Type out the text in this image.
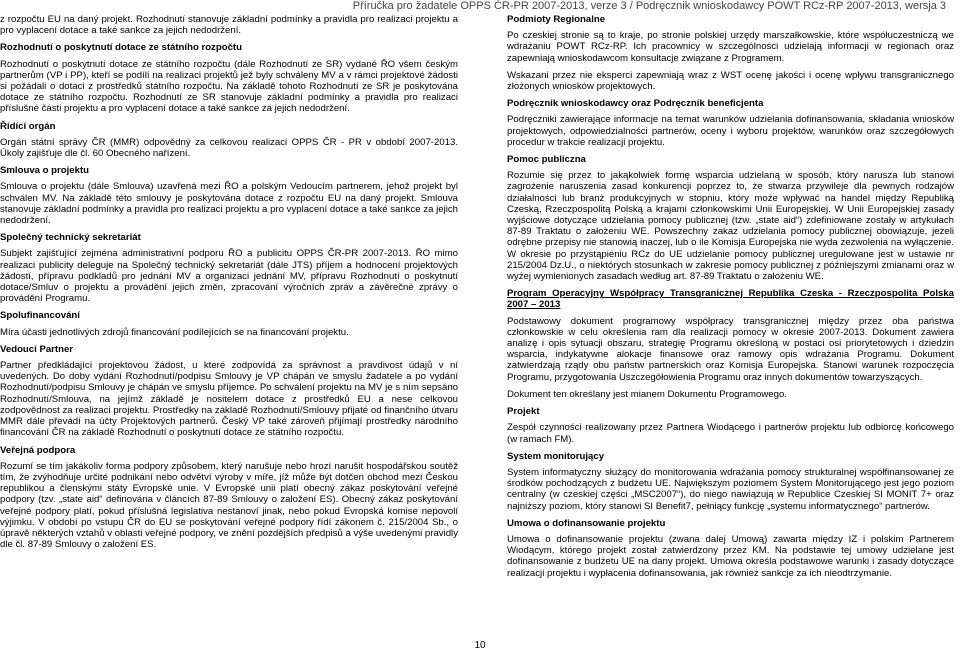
Příručka pro žadatele OPPS ČR-PR 2007-2013, verze 3 / Podręcznik wnioskodawcy POWT RCz-RP 2007-2013, wersja 3

z rozpočtu EU na daný projekt. Rozhodnutí stanovuje základní podmínky a pravidla pro realizaci projektu a pro vyplacení dotace a také sankce za jejich nedodržení.

Rozhodnutí o poskytnutí dotace ze státního rozpočtu

Rozhodnutí o poskytnutí dotace ze státního rozpočtu (dále Rozhodnutí ze SR) vydané ŘO všem českým partnerům (VP i PP), kteří se podílí na realizaci projektů jež byly schváleny MV a v rámci projektové žádosti si požádali o dotaci z prostředků státního rozpočtu. Na základě tohoto Rozhodnutí ze SR je poskytována dotace ze státního rozpočtu. Rozhodnutí ze SR stanovuje základní podmínky a pravidla pro realizaci příslušné části projektu a pro vyplacení dotace a také sankce za jejich nedodržení.

Řídící orgán

Orgán státní správy ČR (MMR) odpovědný za celkovou realizaci OPPS ČR - PR v období 2007-2013. Úkoly zajišťuje dle čl. 60 Obecného nařízení.

Smlouva o projektu

Smlouva o projektu (dále Smlouva) uzavřená mezi ŘO a polským Vedoucím partnerem, jehož projekt byl schválen MV. Na základě této smlouvy je poskytována dotace z rozpočtu EU na daný projekt. Smlouva stanovuje základní podmínky a pravidla pro realizaci projektu a pro vyplacení dotace a také sankce za jejich nedodržení.

Společný technický sekretariát

Subjekt zajišťující zejména administrativní podporu ŘO a publicitu OPPS ČR-PR 2007-2013. ŘO mimo realizaci publicity deleguje na Společný technický sekretariát (dále JTS) příjem a hodnocení projektových žádostí, přípravu podkladů pro jednání MV a organizaci jednání MV, přípravu Rozhodnutí o poskytnutí dotace/Smluv o projektu a provádění jejich změn, zpracování výročních zpráv a závěrečné zprávy o provádění Programu.

Spolufinancování

Míra účasti jednotlivých zdrojů financování podílejících se na financování projektu.

Vedoucí Partner

Partner předkládající projektovou žádost, u které zodpovídá za správnost a pravdivost údajů v ní uvedených. Do doby vydání Rozhodnutí/podpisu Smlouvy je VP chápán ve smyslu žadatele a po vydání Rozhodnutí/podpisu Smlouvy je chápán ve smyslu příjemce. Po schválení projektu na MV je s ním sepsáno Rozhodnutí/Smlouva, na jejímž základě je nositelem dotace z prostředků EU a nese celkovou zodpovědnost za realizaci projektu. Prostředky na základě Rozhodnutí/Smlouvy přijaté od finančního útvaru MMR dále převádí na účty Projektových partnerů. Český VP také zároveň přijímají prostředky národního financování ČR na základě Rozhodnutí o poskytnutí dotace ze státního rozpočtu.

Veřejná podpora

Rozumí se tím jakákoliv forma podpory způsobem, který narušuje nebo hrozí narušit hospodářskou soutěž tím, že zvýhodňuje určité podnikání nebo odvětví výroby v míře, jíž může být dotčen obchod mezi Českou republikou a členskými státy Evropské unie. V Evropské unii platí obecný zákaz poskytování veřejné podpory (tzv. „state aid“ definována v článcích 87-89 Smlouvy o založení ES). Obecný zákaz poskytování veřejné podpory platí, pokud příslušná legislativa nestanoví jinak, nebo pokud Evropská komise nepovolí výjimku. V období po vstupu ČR do EU se poskytování veřejné podpory řídí zákonem č. 215/2004 Sb., o úpravě některých vztahů v oblasti veřejné podpory, ve znění pozdějších předpisů a výše uvedenými pravidly dle čl. 87-89 Smlouvy o založení ES.

Podmioty Regionalne

Po czeskiej stronie są to kraje, po stronie polskiej urzędy marszałkowskie, które współuczestniczą we wdrażaniu POWT RCz-RP. Ich pracownicy w szczególności udzielają informacji w regionach oraz zapewniają wnioskodawcom konsultacje związane z Programem.

Wskazani przez nie eksperci zapewniają wraz z WST ocenę jakości i ocenę wpływu transgranicznego złożonych wniosków projektowych.

Podręcznik wnioskodawcy oraz Podręcznik beneficjenta

Podręczniki zawierające informacje na temat warunków udzielania dofinansowania, składania wniosków projektowych, odpowiedzialności partnerów, oceny i wyboru projektów, warunków oraz szczegółowych procedur w trakcie realizacji projektu.

Pomoc publiczna

Rozumie się przez to jakąkolwiek formę wsparcia udzielaną w sposób, który narusza lub stanowi zagrożenie naruszenia zasad konkurencji poprzez to, że stwarza przywileje dla pewnych rodzajów działalności lub branż produkcyjnych w stopniu, który może wpływać na handel między Republiką Czeską, Rzeczpospolitą Polską a krajami członkowskimi Unii Europejskiej. W Unii Europejskiej zasady wyjściowe dotyczące udzielania pomocy publicznej (tzw. „state aid“) zdefiniowane zostały w artykułach 87-89 Traktatu o założeniu WE. Powszechny zakaz udzielania pomocy publicznej obowiązuje, jeżeli odrębne przepisy nie stanowią inaczej, lub o ile Komisja Europejska nie wyda zezwolenia na wyłączenie. W okresie po przystąpieniu RCz do UE udzielanie pomocy publicznej uregulowane jest w ustawie nr 215/2004 Dz.U., o niektórych stosunkach w zakresie pomocy publicznej z późniejszymi zmianami oraz w wyżej wymienionych zasadach według art. 87-89 Traktatu o założeniu WE.

Program Operacyjny Współpracy Transgranicznej Republika Czeska - Rzeczpospolita Polska 2007 – 2013

Podstawowy dokument programowy współpracy transgranicznej między przez oba państwa członkowskie w celu określenia ram dla realizacji pomocy w okresie 2007-2013. Dokument zawiera analizę i opis sytuacji obszaru, strategię Programu określoną w postaci osi priorytetowych i dziedzin wsparcia, indykatywne alokacje finansowe oraz ramowy opis wdrażania Programu. Dokument zatwierdzają rządy obu państw partnerskich oraz Komisja Europejska. Stanowi warunek rozpoczęcia Programu, przygotowania Uszczegółowienia Programu oraz innych dokumentów towarzyszących.

Dokument ten określany jest mianem Dokumentu Programowego.

Projekt

Zespół czynności realizowany przez Partnera Wiodącego i partnerów projektu lub odbiorcę końcowego (w ramach FM).

System monitorujący

System informatyczny służący do monitorowania wdrażania pomocy strukturalnej współfinansowanej ze środków pochodzących z budżetu UE. Największym poziomem System Monitorującego jest jego poziom centralny (w czeskiej części „MSC2007“), do niego nawiązują w Republice Czeskiej SI MONIT 7+ oraz najniższy poziom, który stanowi SI Benefit7, pełniący funkcję „systemu informatycznego“ partnerów.

Umowa o dofinansowanie projektu

Umowa o dofinansowanie projektu (zwana dalej Umową) zawarta między IZ i polskim Partnerem Wiodącym, którego projekt został zatwierdzony przez KM. Na podstawie tej umowy udzielane jest dofinansowanie z budżetu UE na dany projekt. Umowa określa podstawowe warunki i zasady dotyczące realizacji projektu i wypłacenia dofinansowania, jak również sankcje za ich nieodtrzymanie.

10
